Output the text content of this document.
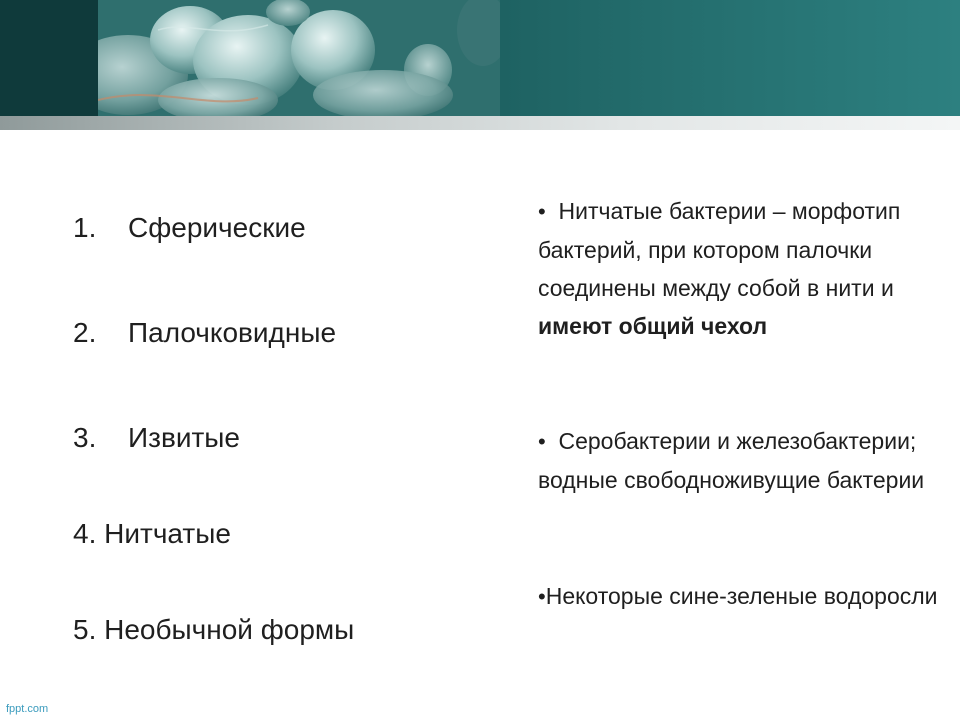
1. Сферические
2. Палочковидные
3. Извитые
4. Нитчатые
5. Необычной формы
• Нитчатые бактерии – морфотип бактерий, при котором палочки соединены между собой в нити и имеют общий чехол
• Серобактерии и железобактерии; водные свободноживущие бактерии
•Некоторые сине-зеленые водоросли
fppt.com
